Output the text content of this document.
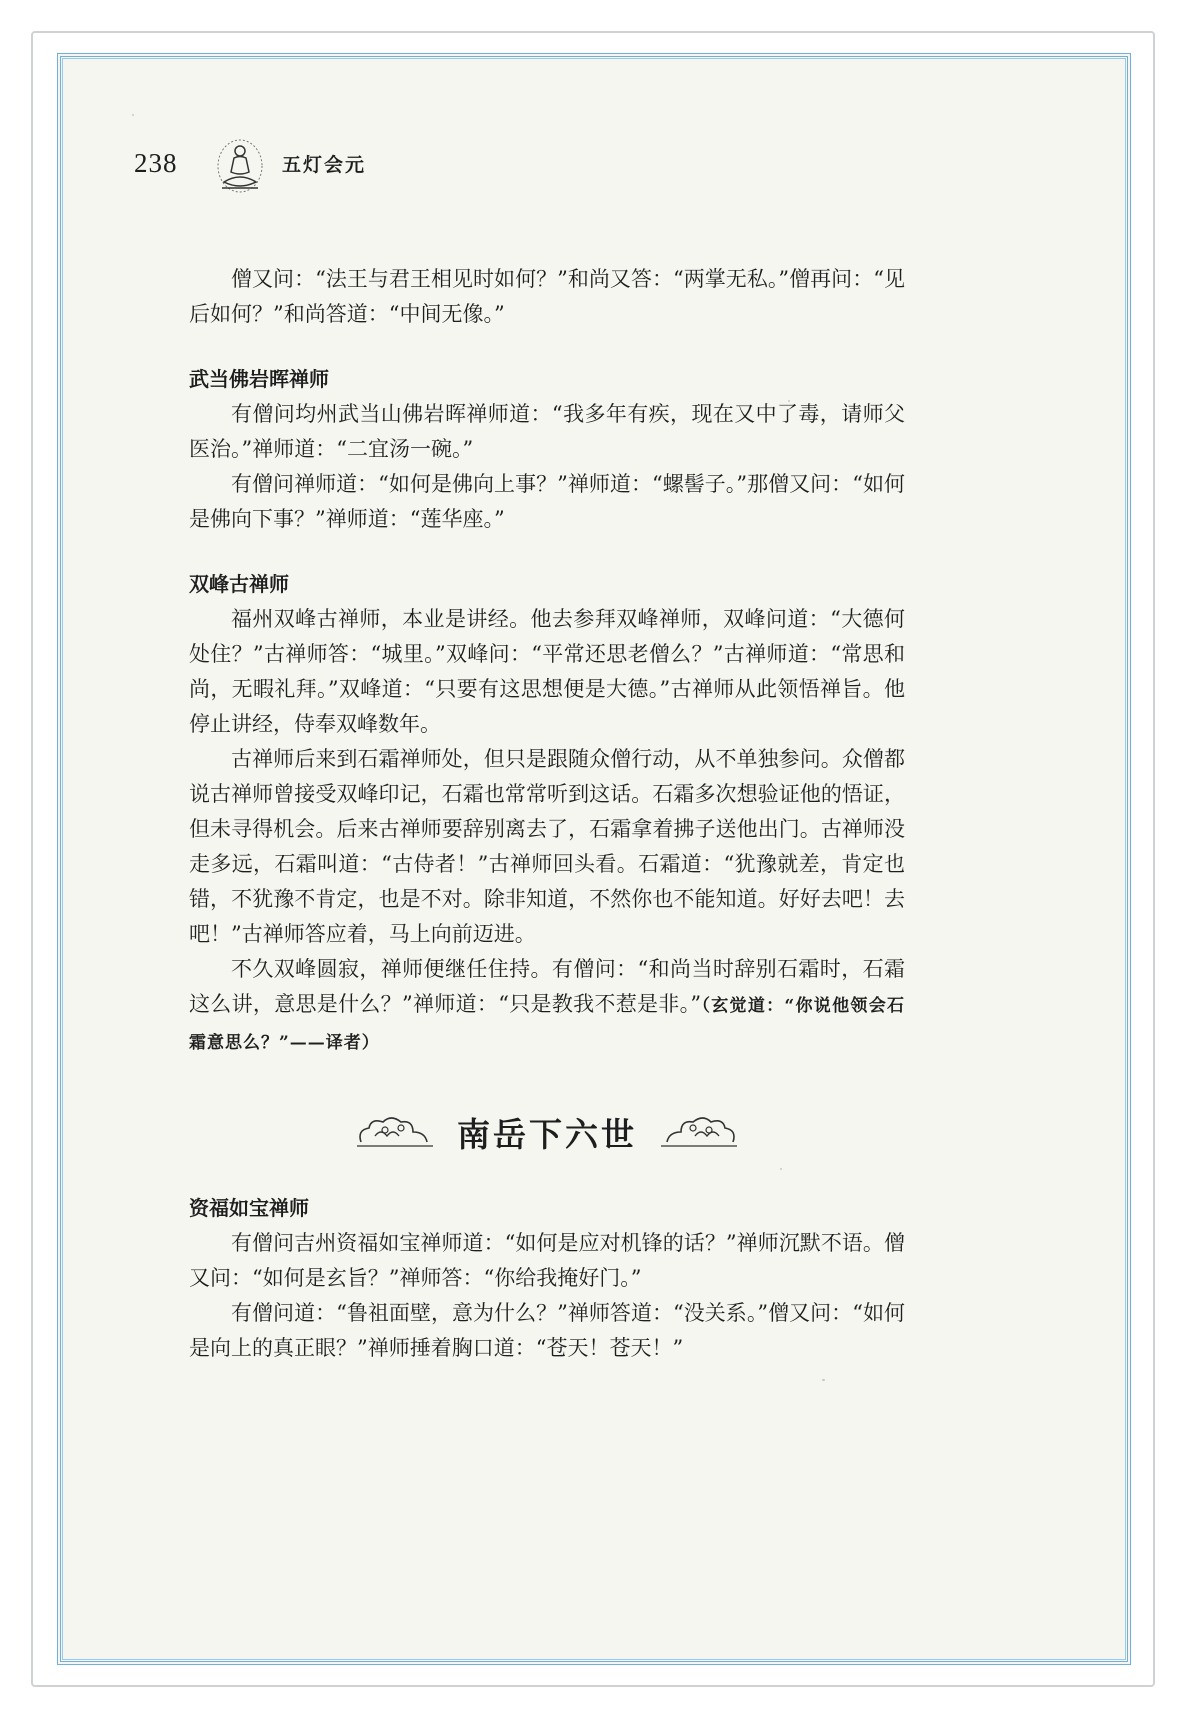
238	五灯会元

僧又问：“法王与君王相见时如何？”和尚又答：“两掌无私。”僧再问：“见后如何？”和尚答道：“中间无像。”

武当佛岩晖禅师

有僧问均州武当山佛岩晖禅师道：“我多年有疾，现在又中了毒，请师父医治。”禅师道：“二宜汤一碗。”

有僧问禅师道：“如何是佛向上事？”禅师道：“螺髻子。”那僧又问：“如何是佛向下事？”禅师道：“莲华座。”

双峰古禅师

福州双峰古禅师，本业是讲经。他去参拜双峰禅师，双峰问道：“大德何处住？”古禅师答：“城里。”双峰问：“平常还思老僧么？”古禅师道：“常思和尚，无暇礼拜。”双峰道：“只要有这思想便是大德。”古禅师从此领悟禅旨。他停止讲经，侍奉双峰数年。

古禅师后来到石霜禅师处，但只是跟随众僧行动，从不单独参问。众僧都说古禅师曾接受双峰印记，石霜也常常听到这话。石霜多次想验证他的悟证，但未寻得机会。后来古禅师要辞别离去了，石霜拿着拂子送他出门。古禅师没走多远，石霜叫道：“古侍者！”古禅师回头看。石霜道：“犹豫就差，肯定也错，不犹豫不肯定，也是不对。除非知道，不然你也不能知道。好好去吧！去吧！”古禅师答应着，马上向前迈进。

不久双峰圆寂，禅师便继任住持。有僧问：“和尚当时辞别石霜时，石霜这么讲，意思是什么？”禅师道：“只是教我不惹是非。”（玄觉道：“你说他领会石霜意思么？”——译者）

南岳下六世
资福如宝禅师

有僧问吉州资福如宝禅师道：“如何是应对机锋的话？”禅师沉默不语。僧又问：“如何是玄旨？”禅师答：“你给我掩好门。”

有僧问道：“鲁祖面壁，意为什么？”禅师答道：“没关系。”僧又问：“如何是向上的真正眼？”禅师捶着胸口道：“苍天！苍天！”
